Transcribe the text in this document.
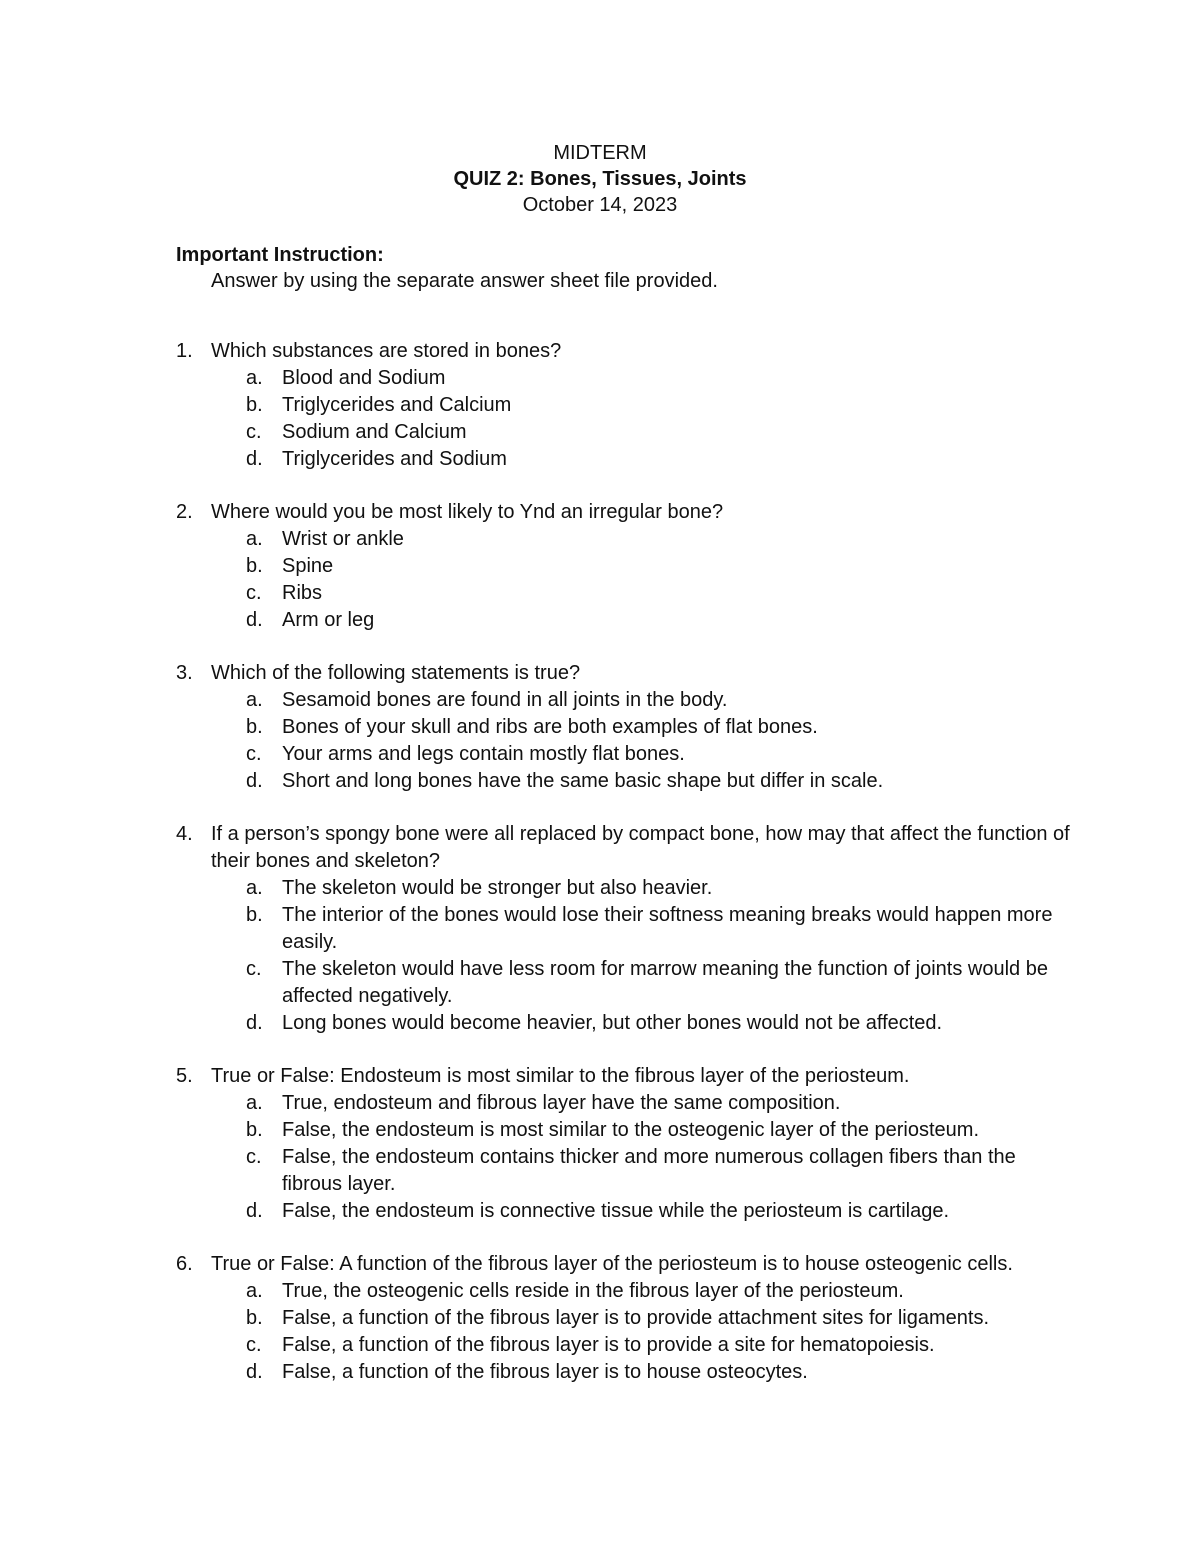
MIDTERM
QUIZ 2: Bones, Tissues, Joints
October 14, 2023
Important Instruction:
Answer by using the separate answer sheet file provided.
1. Which substances are stored in bones?
a. Blood and Sodium
b. Triglycerides and Calcium
c.	Sodium and Calcium
d. Triglycerides and Sodium
2. Where would you be most likely to Ynd an irregular bone?
a. Wrist or ankle
b. Spine
c.	Ribs
d. Arm or leg
3. Which of the following statements is true?
a. Sesamoid bones are found in all joints in the body.
b. Bones of your skull and ribs are both examples of flat bones.
c.	Your arms and legs contain mostly flat bones.
d. Short and long bones have the same basic shape but differ in scale.
4. If a person’s spongy bone were all replaced by compact bone, how may that affect the function of their bones and skeleton?
a. The skeleton would be stronger but also heavier.
b. The interior of the bones would lose their softness meaning breaks would happen more easily.
c.	The skeleton would have less room for marrow meaning the function of joints would be affected negatively.
d. Long bones would become heavier, but other bones would not be affected.
5. True or False: Endosteum is most similar to the fibrous layer of the periosteum.
a. True, endosteum and fibrous layer have the same composition.
b. False, the endosteum is most similar to the osteogenic layer of the periosteum.
c.	False, the endosteum contains thicker and more numerous collagen fibers than the fibrous layer.
d. False, the endosteum is connective tissue while the periosteum is cartilage.
6. True or False: A function of the fibrous layer of the periosteum is to house osteogenic cells.
a. True, the osteogenic cells reside in the fibrous layer of the periosteum.
b. False, a function of the fibrous layer is to provide attachment sites for ligaments.
c.	False, a function of the fibrous layer is to provide a site for hematopoiesis.
d. False, a function of the fibrous layer is to house osteocytes.
